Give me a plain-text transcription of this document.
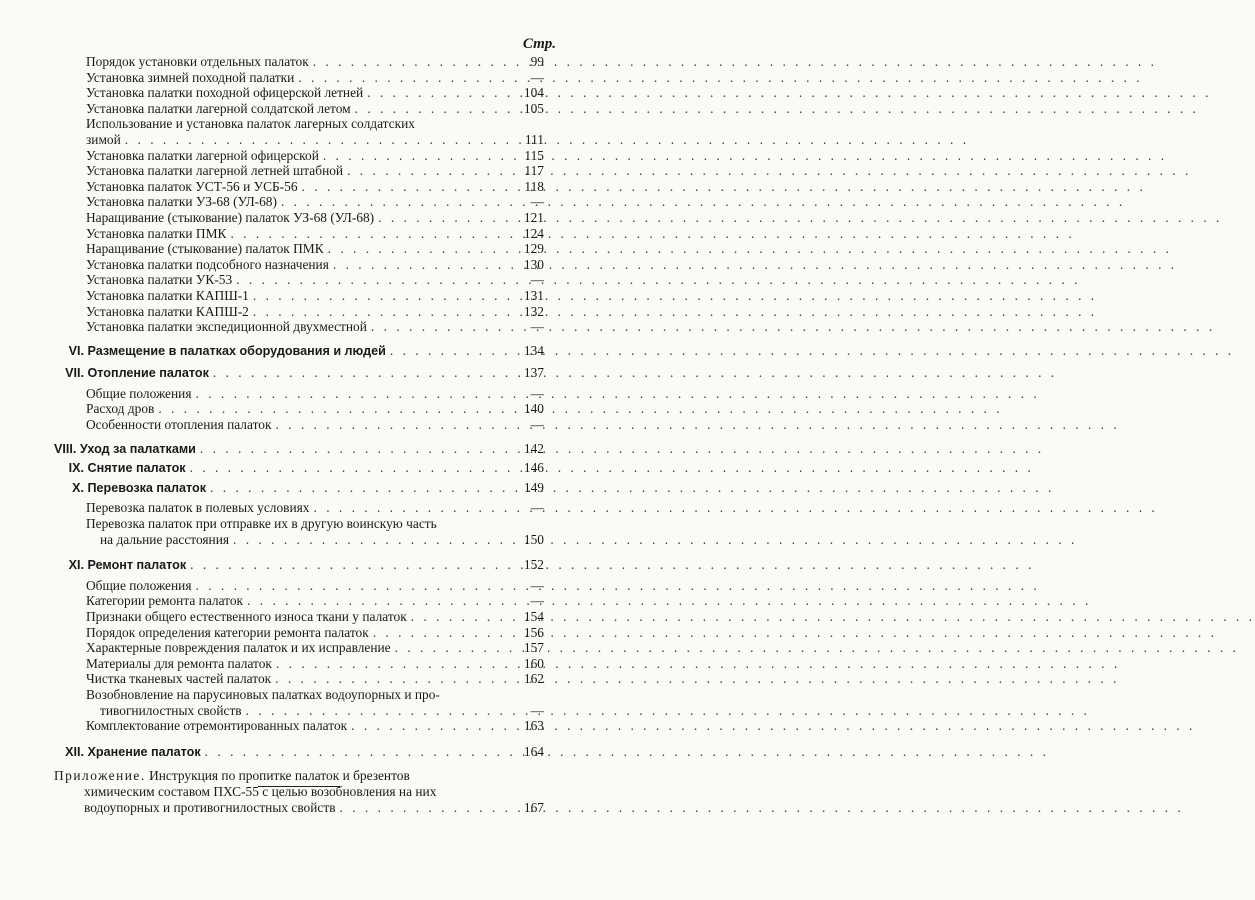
Стр.
Порядок установки отдельных палаток . . .	99
Установка зимней походной палатки . . .	—
Установка палатки походной офицерской летней . . .	104
Установка палатки лагерной солдатской летом . . .	105
Использование и установка палаток лагерных солдатских
зимой . . .	111
Установка палатки лагерной офицерской . . .	115
Установка палатки лагерной летней штабной . . .	117
Установка палаток УСТ-56 и УСБ-56 . . .	118
Установка палатки УЗ-68 (УЛ-68) . . .	—
Наращивание (стыкование) палаток УЗ-68 (УЛ-68) . . .	121
Установка палатки ПМК . . .	124
Наращивание (стыкование) палаток ПМК . . .	129
Установка палатки подсобного назначения . . .	130
Установка палатки УК-53 . . .	—
Установка палатки КАПШ-1 . . .	131
Установка палатки КАПШ-2 . . .	132
Установка палатки экспедиционной двухместной . . .	—
VI. Размещение в палатках оборудования и людей . . .	134
VII. Отопление палаток . . .	137
Общие положения . . .	—
Расход дров . . .	140
Особенности отопления палаток . . .	—
VIII. Уход за палатками . . .	142
IX. Снятие палаток . . .	146
X. Перевозка палаток . . .	149
Перевозка палаток в полевых условиях . . .	—
Перевозка палаток при отправке их в другую воинскую часть
на дальние расстояния . . .	150
XI. Ремонт палаток . . .	152
Общие положения . . .	—
Категории ремонта палаток . . .	—
Признаки общего естественного износа ткани у палаток . . .	154
Порядок определения категории ремонта палаток . . .	156
Характерные повреждения палаток и их исправление . . .	157
Материалы для ремонта палаток . . .	160
Чистка тканевых частей палаток . . .	162
Возобновление на парусиновых палатках водоупорных и про-
тивогнилостных свойств . . .	—
Комплектование отремонтированных палаток . . .	163
XII. Хранение палаток . . .	164
Приложение. Инструкция по пропитке палаток и брезентов
химическим составом ПХС-55 с целью возобновления на них
водоупорных и противогнилостных свойств . . .	167
